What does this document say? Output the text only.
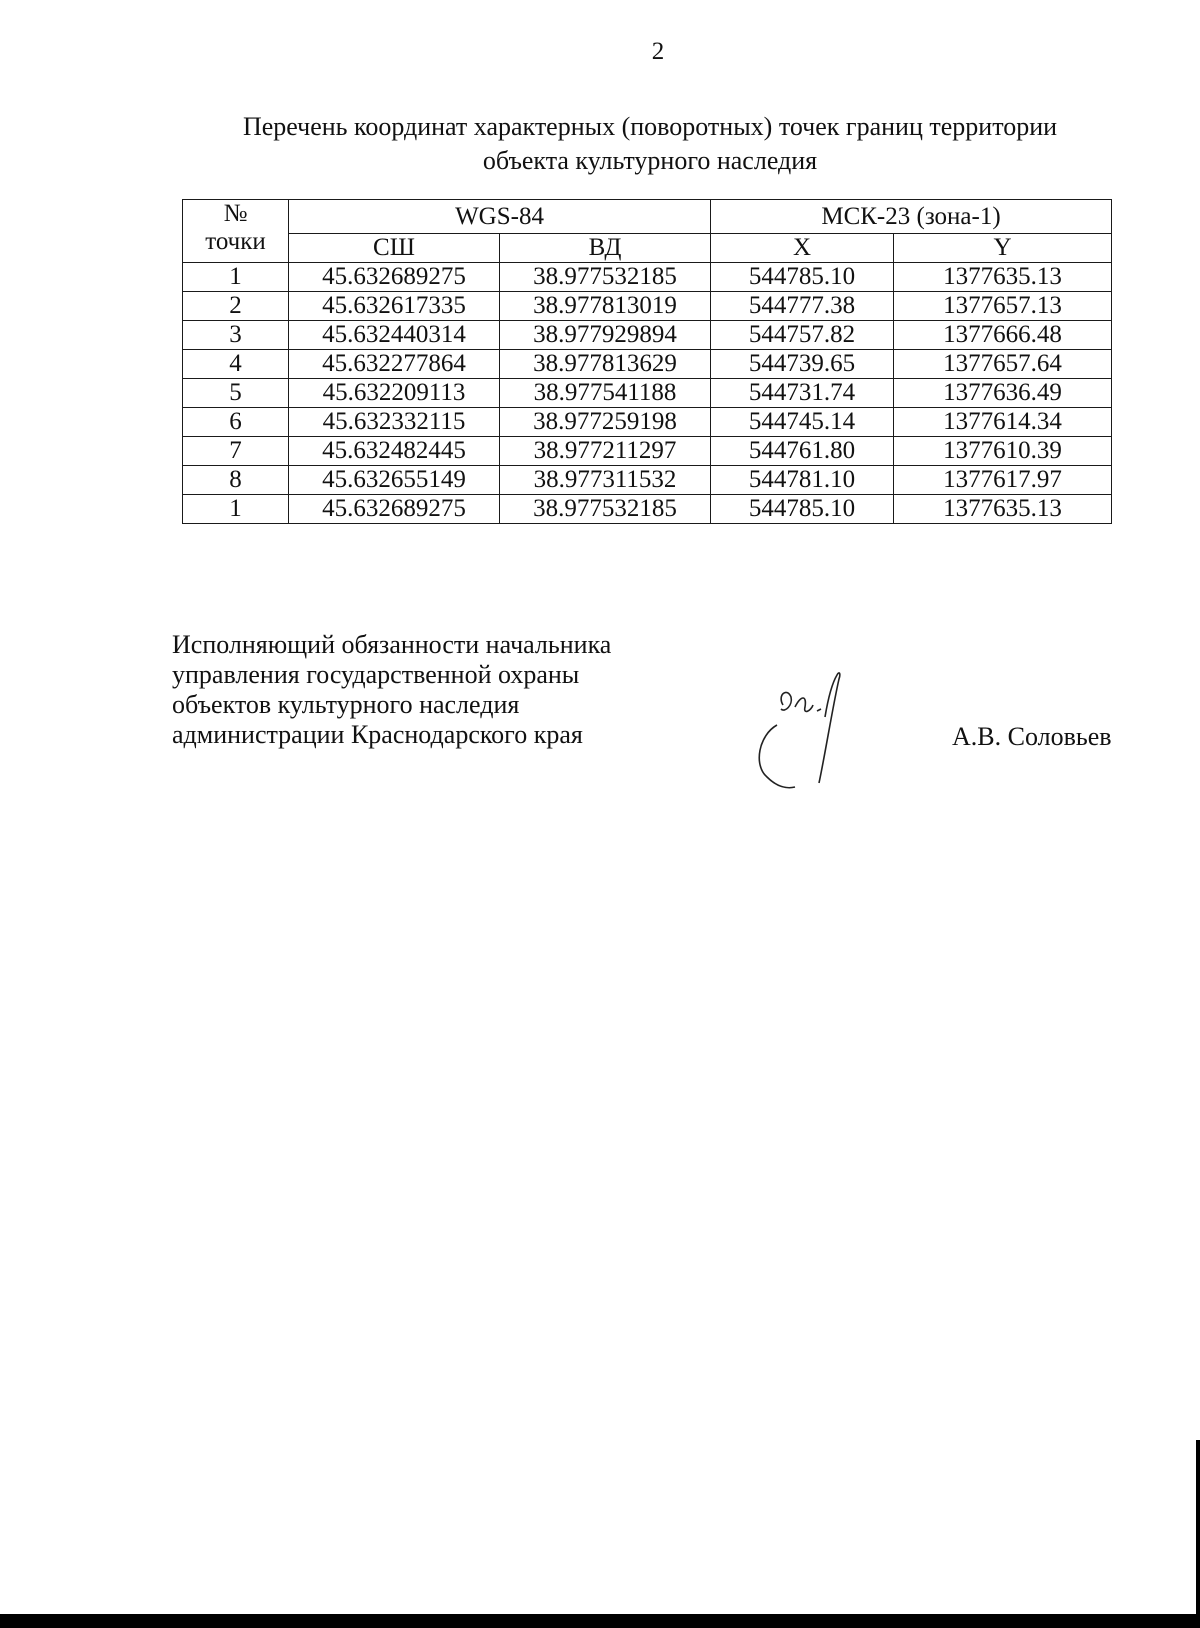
2
Перечень координат характерных (поворотных) точек границ территории
объекта культурного наследия
№
точки	WGS-84		МСК-23 (зона-1)	
	СШ	ВД	X	Y
1	45.632689275	38.977532185	544785.10	1377635.13
2	45.632617335	38.977813019	544777.38	1377657.13
3	45.632440314	38.977929894	544757.82	1377666.48
4	45.632277864	38.977813629	544739.65	1377657.64
5	45.632209113	38.977541188	544731.74	1377636.49
6	45.632332115	38.977259198	544745.14	1377614.34
7	45.632482445	38.977211297	544761.80	1377610.39
8	45.632655149	38.977311532	544781.10	1377617.97
1	45.632689275	38.977532185	544785.10	1377635.13
Исполняющий обязанности начальника
управления государственной охраны
объектов культурного наследия
администрации Краснодарского края	А.В. Соловьев
